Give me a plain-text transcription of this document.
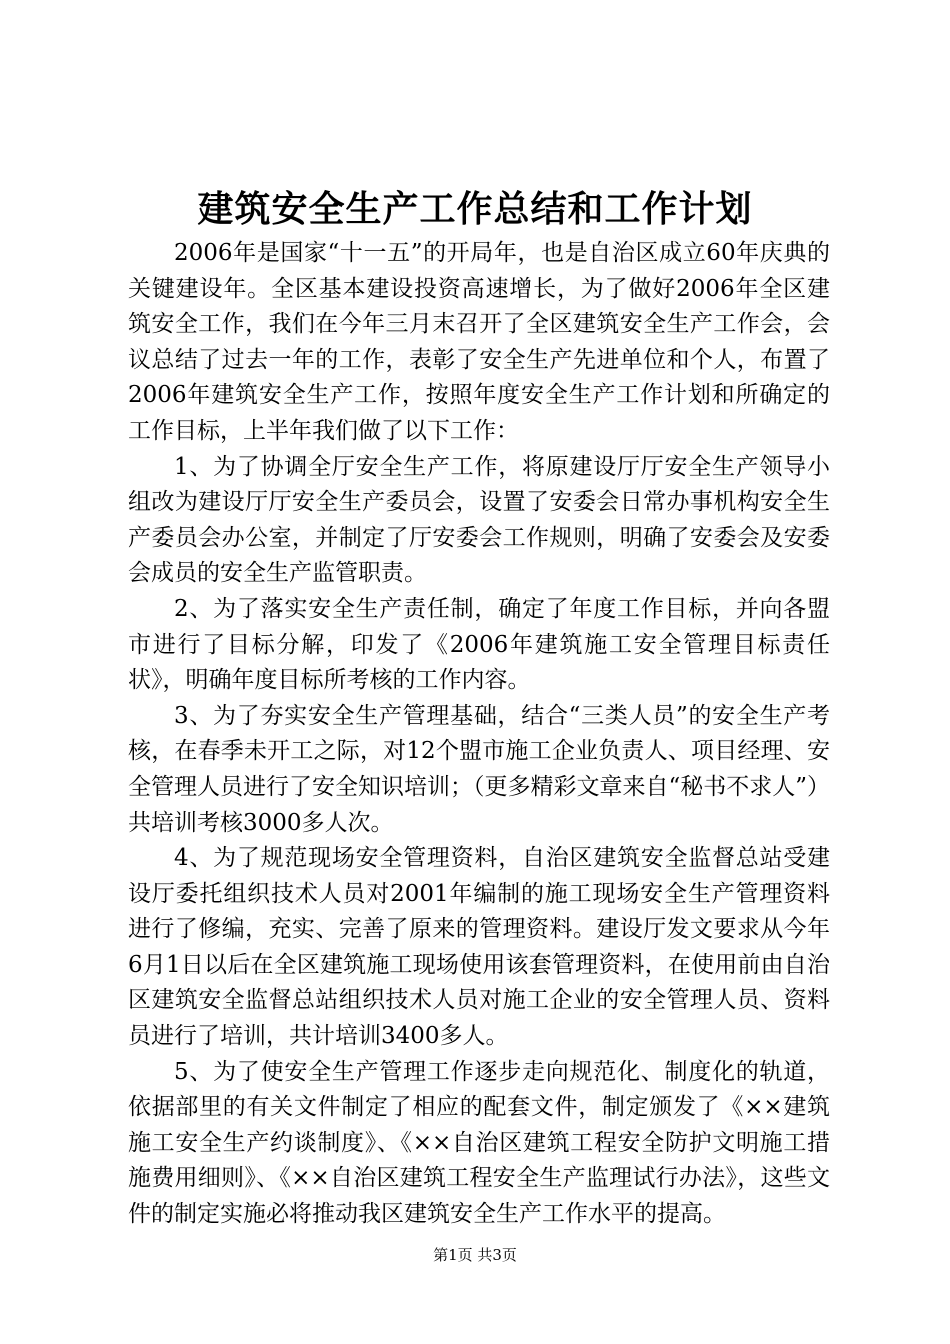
建筑安全生产工作总结和工作计划

2006年是国家“十一五”的开局年，也是自治区成立60年庆典的关键建设年。全区基本建设投资高速增长，为了做好2006年全区建筑安全工作，我们在今年三月末召开了全区建筑安全生产工作会，会议总结了过去一年的工作，表彰了安全生产先进单位和个人，布置了2006年建筑安全生产工作，按照年度安全生产工作计划和所确定的工作目标，上半年我们做了以下工作：

1、为了协调全厅安全生产工作，将原建设厅厅安全生产领导小组改为建设厅厅安全生产委员会，设置了安委会日常办事机构安全生产委员会办公室，并制定了厅安委会工作规则，明确了安委会及安委会成员的安全生产监管职责。

2、为了落实安全生产责任制，确定了年度工作目标，并向各盟市进行了目标分解，印发了《2006年建筑施工安全管理目标责任状》，明确年度目标所考核的工作内容。

3、为了夯实安全生产管理基础，结合“三类人员”的安全生产考核，在春季未开工之际，对12个盟市施工企业负责人、项目经理、安全管理人员进行了安全知识培训；（更多精彩文章来自“秘书不求人”）共培训考核3000多人次。

4、为了规范现场安全管理资料，自治区建筑安全监督总站受建设厅委托组织技术人员对2001年编制的施工现场安全生产管理资料进行了修编，充实、完善了原来的管理资料。建设厅发文要求从今年6月1日以后在全区建筑施工现场使用该套管理资料，在使用前由自治区建筑安全监督总站组织技术人员对施工企业的安全管理人员、资料员进行了培训，共计培训3400多人。

5、为了使安全生产管理工作逐步走向规范化、制度化的轨道，依据部里的有关文件制定了相应的配套文件，制定颁发了《××建筑施工安全生产约谈制度》、《××自治区建筑工程安全防护文明施工措施费用细则》、《××自治区建筑工程安全生产监理试行办法》，这些文件的制定实施必将推动我区建筑安全生产工作水平的提高。

第1页 共3页
